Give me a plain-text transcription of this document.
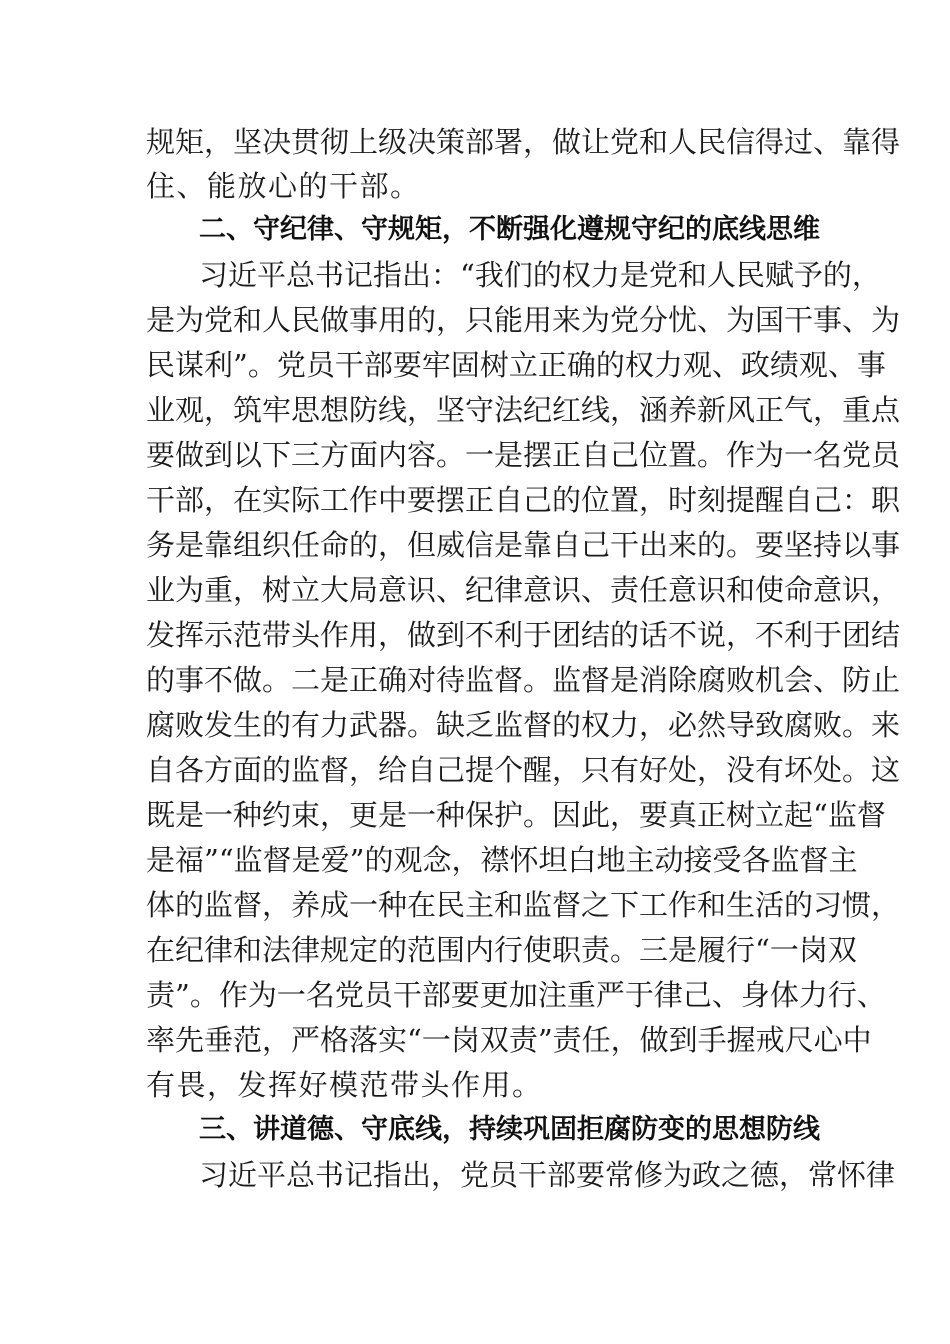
规矩，坚决贯彻上级决策部署，做让党和人民信得过、靠得

住、能放心的干部。

二、守纪律、守规矩，不断强化遵规守纪的底线思维

习近平总书记指出：“我们的权力是党和人民赋予的，

是为党和人民做事用的，只能用来为党分忧、为国干事、为

民谋利”。党员干部要牢固树立正确的权力观、政绩观、事

业观，筑牢思想防线，坚守法纪红线，涵养新风正气，重点

要做到以下三方面内容。一是摆正自己位置。作为一名党员

干部，在实际工作中要摆正自己的位置，时刻提醒自己：职

务是靠组织任命的，但威信是靠自己干出来的。要坚持以事

业为重，树立大局意识、纪律意识、责任意识和使命意识，

发挥示范带头作用，做到不利于团结的话不说，不利于团结

的事不做。二是正确对待监督。监督是消除腐败机会、防止

腐败发生的有力武器。缺乏监督的权力，必然导致腐败。来

自各方面的监督，给自己提个醒，只有好处，没有坏处。这

既是一种约束，更是一种保护。因此，要真正树立起“监督

是福”“监督是爱”的观念，襟怀坦白地主动接受各监督主

体的监督，养成一种在民主和监督之下工作和生活的习惯，

在纪律和法律规定的范围内行使职责。三是履行“一岗双

责”。作为一名党员干部要更加注重严于律己、身体力行、

率先垂范，严格落实“一岗双责”责任，做到手握戒尺心中

有畏，发挥好模范带头作用。

三、讲道德、守底线，持续巩固拒腐防变的思想防线

习近平总书记指出，党员干部要常修为政之德，常怀律
